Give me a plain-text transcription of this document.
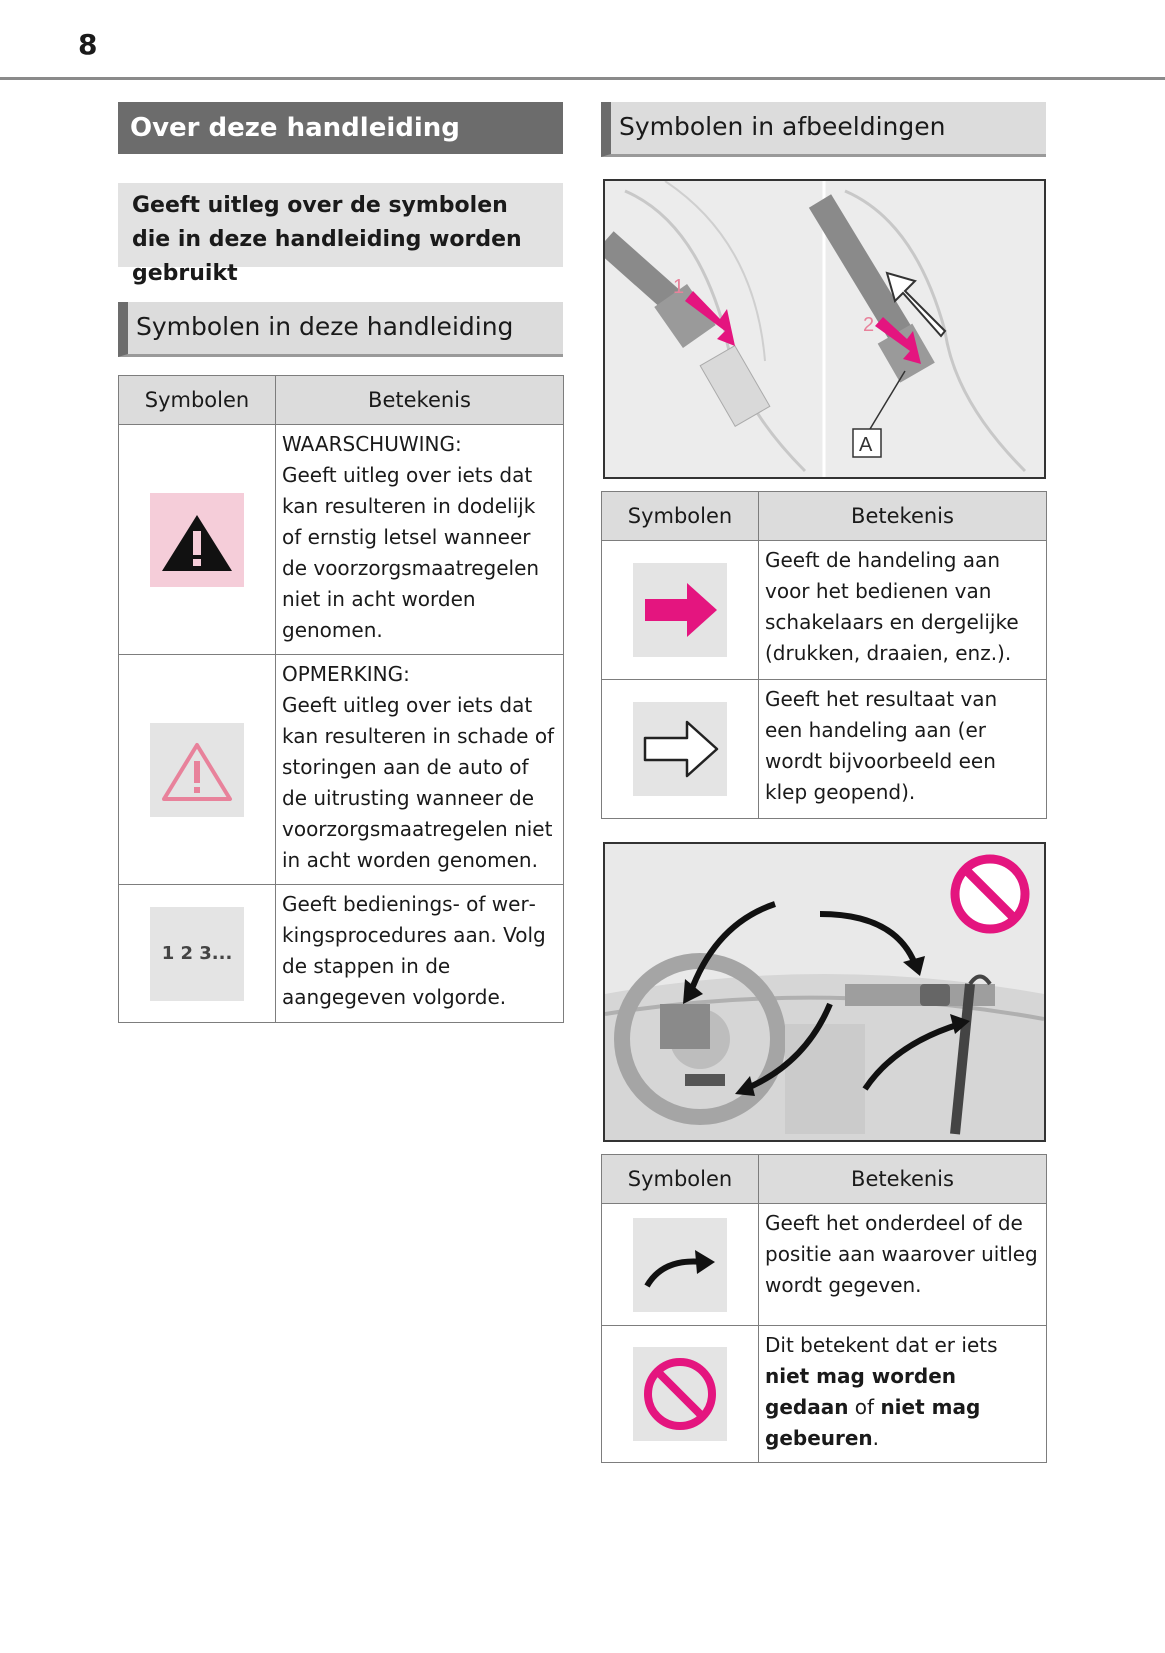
8
Over deze handleiding
Geeft uitleg over de symbolen die in deze handleiding worden gebruikt
Symbolen in deze handleiding
Symbolen	Betekenis

WAARSCHUWING:
Geeft uitleg over iets dat kan resulteren in dodelijk of ernstig letsel wanneer de voorzorgsmaatregelen niet in acht worden genomen.

OPMERKING:
Geeft uitleg over iets dat kan resulteren in schade of storingen aan de auto of de uitrusting wanneer de voorzorgsmaatregelen niet in acht worden genomen.

1 2 3...	Geeft bedienings- of werkingsprocedures aan. Volg de stappen in de aangegeven volgorde.
Symbolen in afbeeldingen
1
2
A
Symbolen	Betekenis

Geeft de handeling aan voor het bedienen van schakelaars en dergelijke (drukken, draaien, enz.).

Geeft het resultaat van een handeling aan (er wordt bijvoorbeeld een klep geopend).
Symbolen	Betekenis

Geeft het onderdeel of de positie aan waarover uitleg wordt gegeven.

Dit betekent dat er iets niet mag worden gedaan of niet mag gebeuren.
